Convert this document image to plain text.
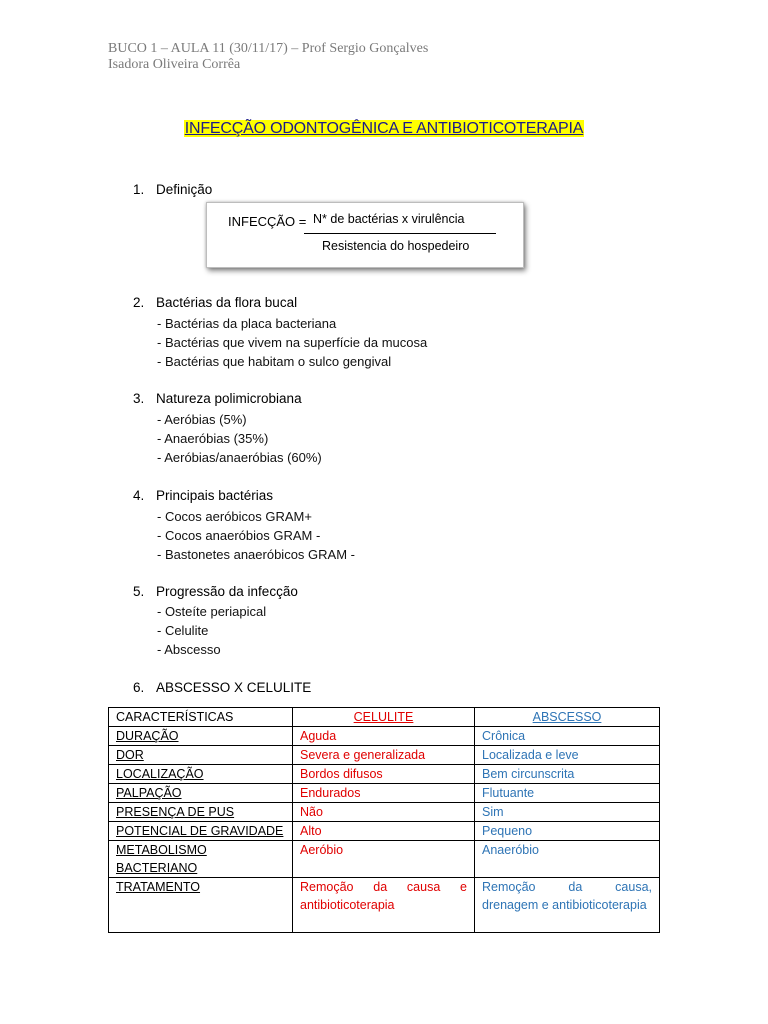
BUCO 1 – AULA 11 (30/11/17) – Prof Sergio Gonçalves
Isadora Oliveira Corrêa
INFECÇÃO ODONTOGÊNICA E ANTIBIOTICOTERAPIA
1. Definição
INFECÇÃO = N* de bactérias x virulência
Resistencia do hospedeiro
2. Bactérias da flora bucal
- Bactérias da placa bacteriana
- Bactérias que vivem na superfície da mucosa
- Bactérias que habitam o sulco gengival
3. Natureza polimicrobiana
- Aeróbias (5%)
- Anaeróbias (35%)
- Aeróbias/anaeróbias (60%)
4. Principais bactérias
- Cocos aeróbicos GRAM+
- Cocos anaeróbios GRAM -
- Bastonetes anaeróbicos GRAM -
5. Progressão da infecção
- Osteíte periapical
- Celulite
- Abscesso
6. ABSCESSO X CELULITE
CARACTERÍSTICAS	CELULITE	ABSCESSO
DURAÇÃO	Aguda	Crônica
DOR	Severa e generalizada	Localizada e leve
LOCALIZAÇÃO	Bordos difusos	Bem circunscrita
PALPAÇÃO	Endurados	Flutuante
PRESENÇA DE PUS	Não	Sim
POTENCIAL DE GRAVIDADE	Alto	Pequeno
METABOLISMO BACTERIANO	Aeróbio	Anaeróbio
TRATAMENTO	Remoção da causa e antibioticoterapia	Remoção da causa, drenagem e antibioticoterapia
